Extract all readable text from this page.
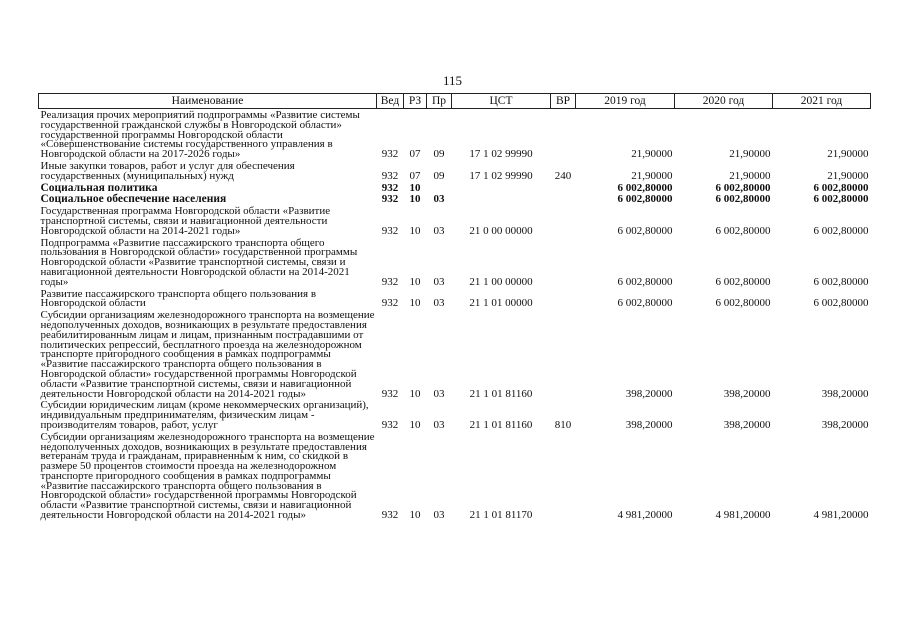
115
Наименование	Вед	РЗ	Пр	ЦСТ	ВР	2019 год	2020 год	2021 год
Реализация прочих мероприятий подпрограммы «Развитие системы государственной гражданской службы в Новгородской области» государственной программы Новгородской области «Совершенствование системы государственного управления в Новгородской области на 2017-2026 годы»	932	07	09	17 1 02 99990		21,90000	21,90000	21,90000
Иные закупки товаров, работ и услуг для обеспечения государственных (муниципальных) нужд	932	07	09	17 1 02 99990	240	21,90000	21,90000	21,90000
Социальная политика	932	10				6 002,80000	6 002,80000	6 002,80000
Социальное обеспечение населения	932	10	03			6 002,80000	6 002,80000	6 002,80000
Государственная программа Новгородской области «Развитие транспортной системы, связи и навигационной деятельности Новгородской области на 2014-2021 годы»	932	10	03	21 0 00 00000		6 002,80000	6 002,80000	6 002,80000
Подпрограмма «Развитие пассажирского транспорта общего пользования в Новгородской области» государственной программы Новгородской области «Развитие транспортной системы, связи и навигационной деятельности Новгородской области на 2014-2021 годы»	932	10	03	21 1 00 00000		6 002,80000	6 002,80000	6 002,80000
Развитие пассажирского транспорта общего пользования в Новгородской области	932	10	03	21 1 01 00000		6 002,80000	6 002,80000	6 002,80000
Субсидии организациям железнодорожного транспорта на возмещение недополученных доходов, возникающих в результате предоставления реабилитированным лицам и лицам, признанным пострадавшими от политических репрессий, бесплатного проезда на железнодорожном транспорте пригородного сообщения в рамках подпрограммы «Развитие пассажирского транспорта общего пользования в Новгородской области» государственной программы Новгородской области «Развитие транспортной системы, связи и навигационной деятельности Новгородской области на 2014-2021 годы»	932	10	03	21 1 01 81160		398,20000	398,20000	398,20000
Субсидии юридическим лицам (кроме некоммерческих организаций), индивидуальным предпринимателям, физическим лицам - производителям товаров, работ, услуг	932	10	03	21 1 01 81160	810	398,20000	398,20000	398,20000
Субсидии организациям железнодорожного транспорта на возмещение недополученных доходов, возникающих в результате предоставления ветеранам труда и гражданам, приравненным к ним, со скидкой в размере 50 процентов стоимости проезда на железнодорожном транспорте пригородного сообщения в рамках подпрограммы «Развитие пассажирского транспорта общего пользования в Новгородской области» государственной программы Новгородской области «Развитие транспортной системы, связи и навигационной деятельности Новгородской области на 2014-2021 годы»	932	10	03	21 1 01 81170		4 981,20000	4 981,20000	4 981,20000
